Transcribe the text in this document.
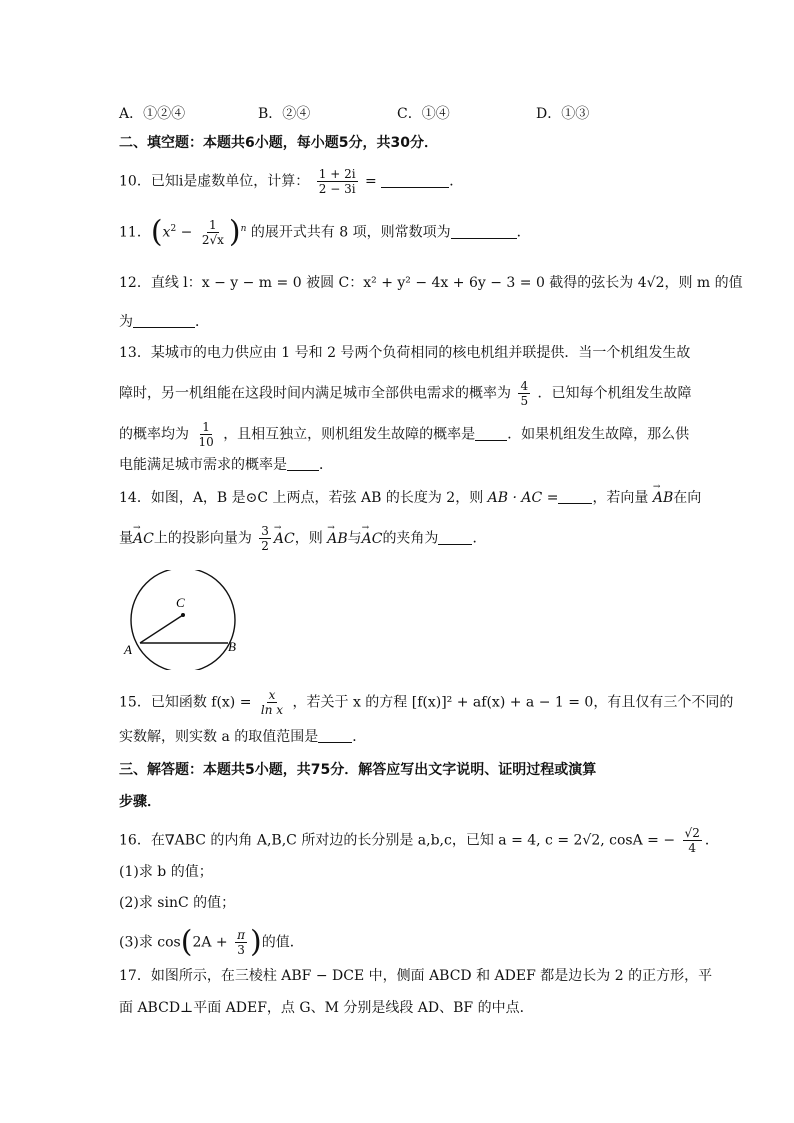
A．①②④	B．②④	C．①④	D．①③
二、填空题：本题共6小题，每小题5分，共30分．
10．已知i是虚数单位，计算： $\frac{1 + 2i}{2 - 3i}$ =	．
11．$(x^2 - \frac{1}{2√x} )^n$ 的展开式共有 8 项，则常数项为	．
12．直线 l：x − y − m = 0 被圆 C：x² + y² − 4x + 6y − 3 = 0 截得的弦长为 4√2，则 m 的值
为	．
13．某城市的电力供应由 1 号和 2 号两个负荷相同的核电机组并联提供．当一个机组发生故
障时，另一机组能在这段时间内满足城市全部供电需求的概率为 $\frac{4}{5}$ ．已知每个机组发生故障
的概率均为 $\frac{1}{10}$ ，且相互独立，则机组发生故障的概率是 ．如果机组发生故障，那么供
电能满足城市需求的概率是 ．
14．如图，A，B 是⊙C 上两点，若弦 AB 的长度为 2，则 AB · AC = ，若向量 → AB在向
量→ AC上的投影向量为 $\frac{3}{2}$ → AC，则 → AB与→ AC的夹角为 ．
C
A	B
15．已知函数 $f(x) = \frac{x}{\text{ln x}}$ ，若关于 x 的方程 [f(x)]² + af(x) + a − 1 = 0，有且仅有三个不同的
实数解，则实数 a 的取值范围是 ．
三、解答题：本题共5小题，共75分．解答应写出文字说明、证明过程或演算
步骤．
16．在∇ABC 的内角 A,B,C 所对边的长分别是 a,b,c，已知 a = 4, c = 2√2, cosA = − $\frac{√2}{4}$ ．
(1)求 b 的值；
(2)求 sinC 的值；
(3)求 $\cos(2A + \frac{\pi}{3}$ )的值．
17．如图所示，在三棱柱 ABF − DCE 中，侧面 ABCD 和 ADEF 都是边长为 2 的正方形，平
面 ABCD⊥平面 ADEF，点 G、M 分别是线段 AD、BF 的中点．
